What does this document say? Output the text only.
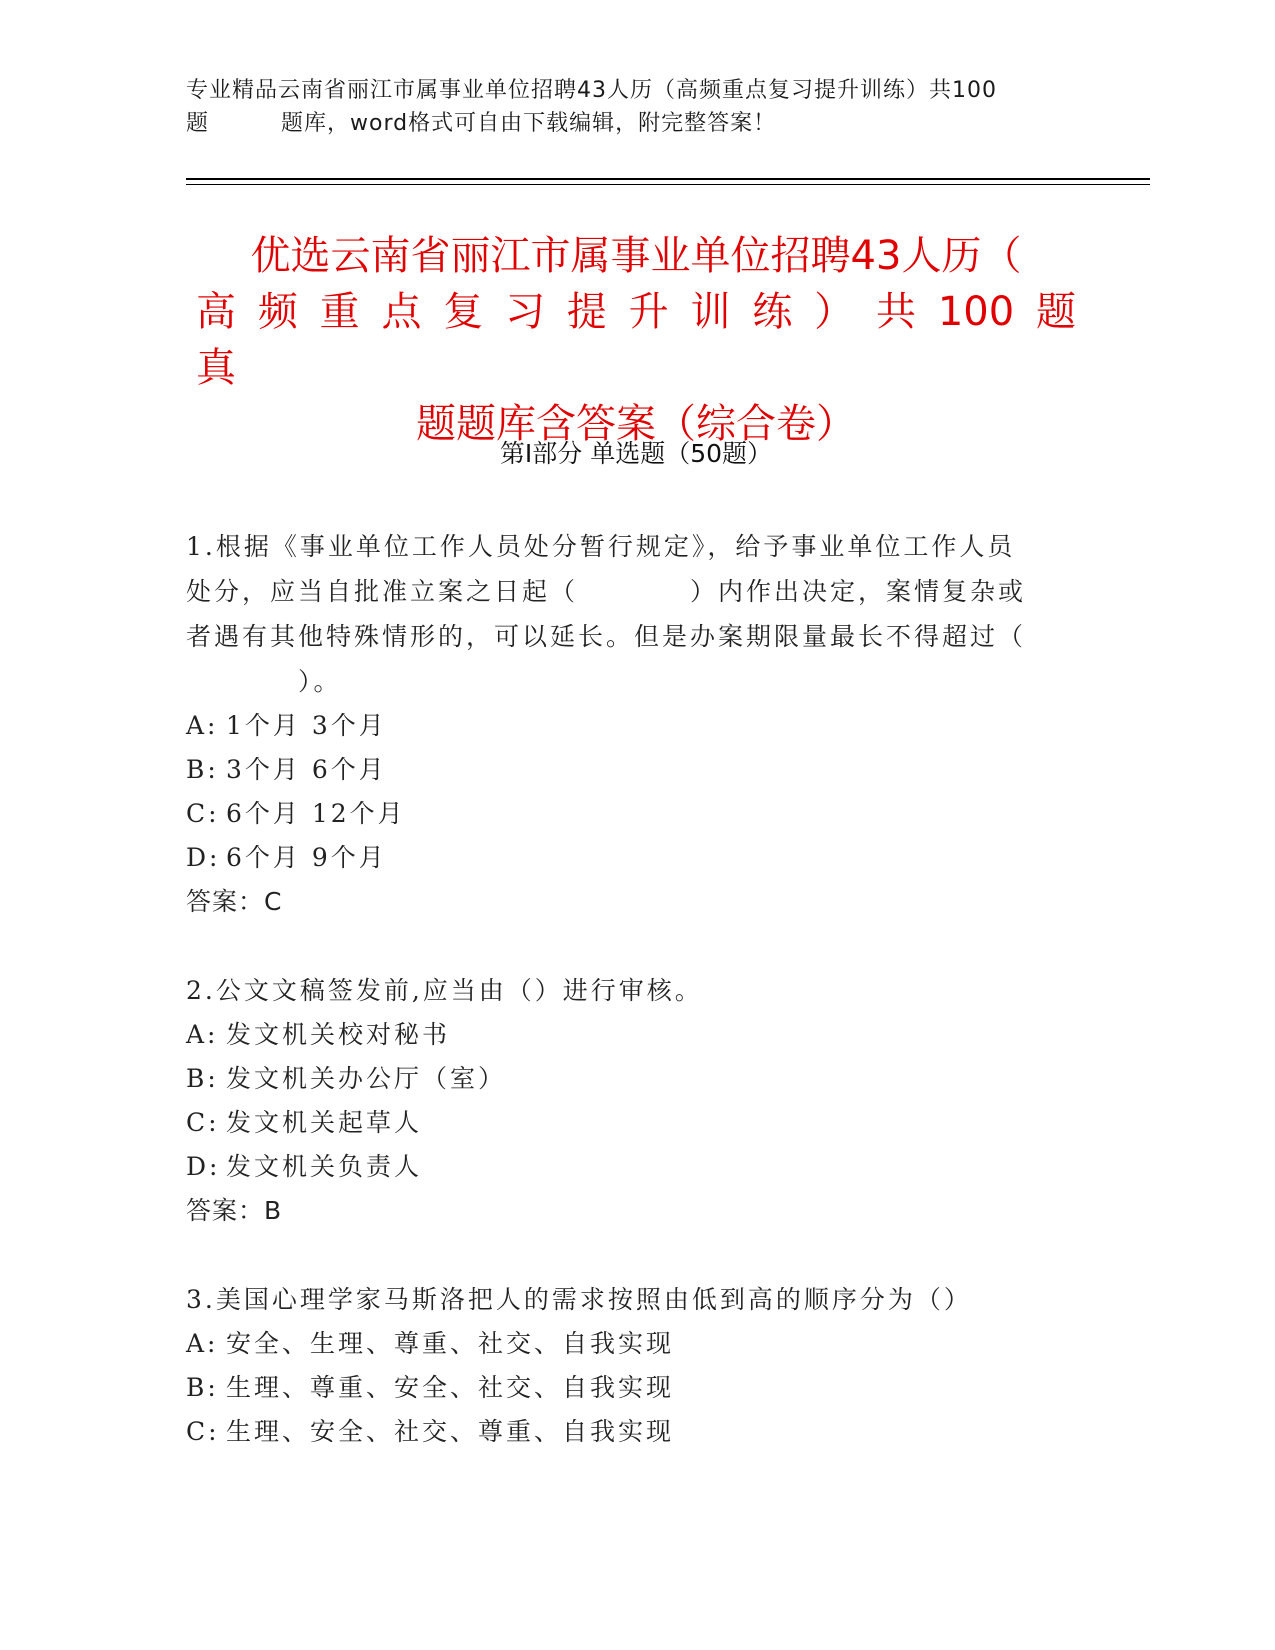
专业精品云南省丽江市属事业单位招聘43人历（高频重点复习提升训练）共100
题	题库，word格式可自由下载编辑，附完整答案！
优选云南省丽江市属事业单位招聘43人历（
高频重点复习提升训练）共100题
真
题题库含答案（综合卷）
第Ⅰ部分 单选题（50题）

1.根据《事业单位工作人员处分暂行规定》，给予事业单位工作人员
处分，应当自批准立案之日起（	）内作出决定，案情复杂或
者遇有其他特殊情形的，可以延长。但是办案期限量最长不得超过（
）。

A: 1个月 3个月

B: 3个月 6个月

C: 6个月 12个月

D: 6个月 9个月

答案：C

2.公文文稿签发前,应当由（）进行审核。

A: 发文机关校对秘书

B: 发文机关办公厅（室）

C: 发文机关起草人

D: 发文机关负责人

答案：B

3.美国心理学家马斯洛把人的需求按照由低到高的顺序分为（）

A: 安全、生理、尊重、社交、自我实现

B: 生理、尊重、安全、社交、自我实现

C: 生理、安全、社交、尊重、自我实现
